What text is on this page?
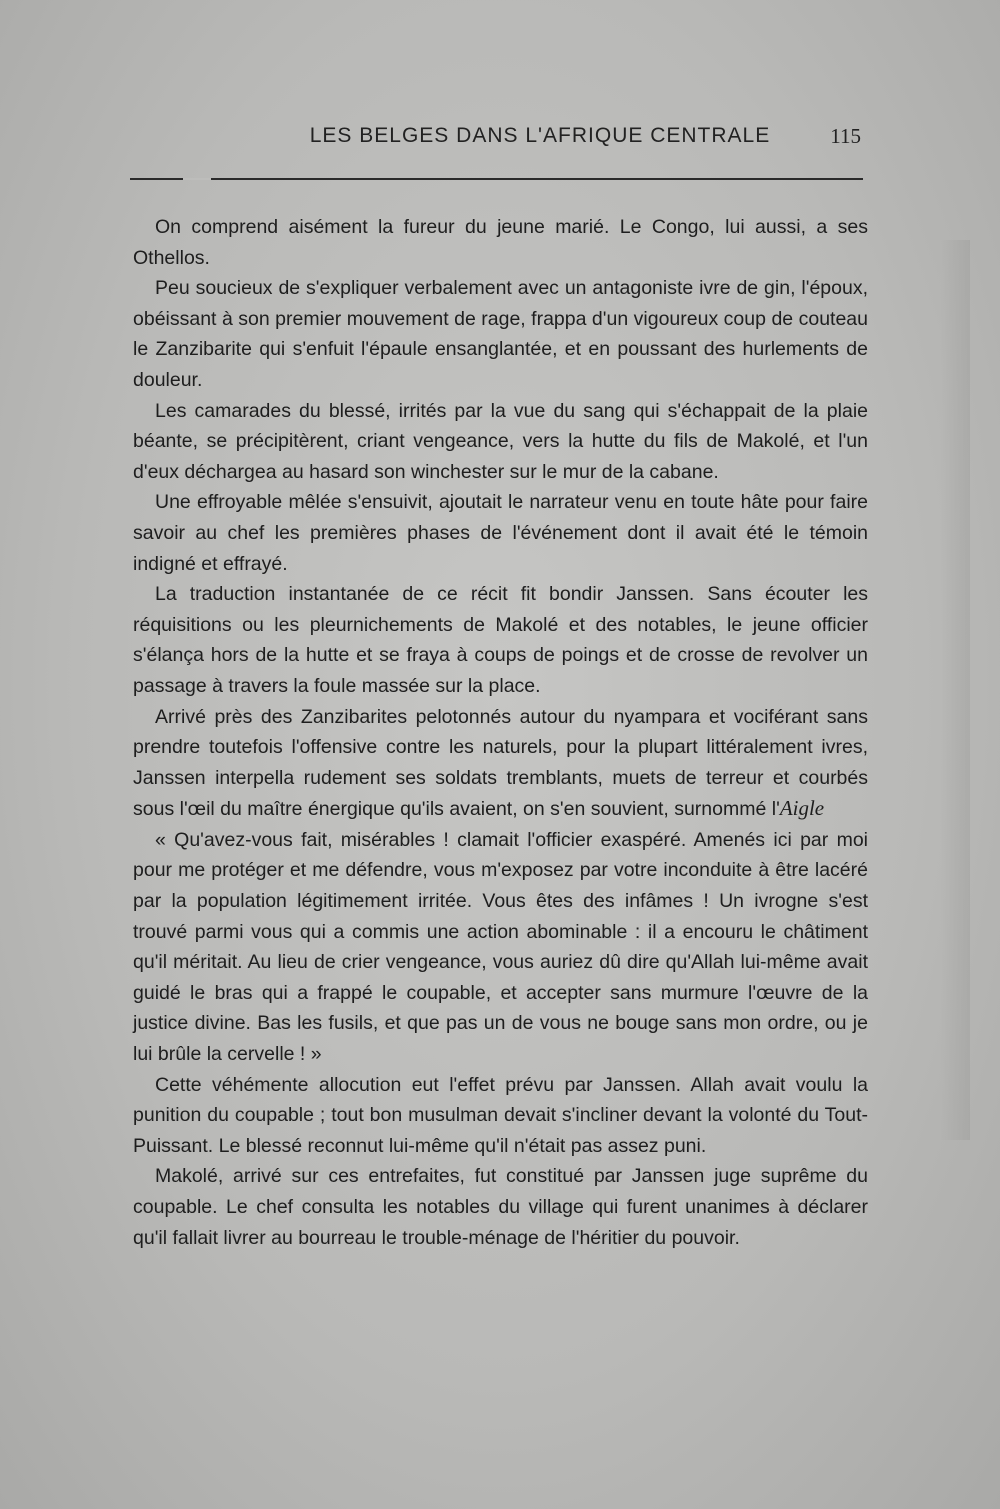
LES BELGES DANS L'AFRIQUE CENTRALE	115

On comprend aisément la fureur du jeune marié. Le Congo, lui aussi, a ses Othellos.

Peu soucieux de s'expliquer verbalement avec un antagoniste ivre de gin, l'époux, obéissant à son premier mouvement de rage, frappa d'un vigoureux coup de couteau le Zanzibarite qui s'enfuit l'épaule ensanglantée, et en poussant des hurlements de douleur.

Les camarades du blessé, irrités par la vue du sang qui s'échappait de la plaie béante, se précipitèrent, criant vengeance, vers la hutte du fils de Makolé, et l'un d'eux déchargea au hasard son winchester sur le mur de la cabane.

Une effroyable mêlée s'ensuivit, ajoutait le narrateur venu en toute hâte pour faire savoir au chef les premières phases de l'événement dont il avait été le témoin indigné et effrayé.

La traduction instantanée de ce récit fit bondir Janssen. Sans écouter les réquisitions ou les pleurnichements de Makolé et des notables, le jeune officier s'élança hors de la hutte et se fraya à coups de poings et de crosse de revolver un passage à travers la foule massée sur la place.

Arrivé près des Zanzibarites pelotonnés autour du nyampara et vociférant sans prendre toutefois l'offensive contre les naturels, pour la plupart littéralement ivres, Janssen interpella rudement ses soldats tremblants, muets de terreur et courbés sous l'œil du maître énergique qu'ils avaient, on s'en souvient, surnommé l'Aigle

« Qu'avez-vous fait, misérables ! clamait l'officier exaspéré. Amenés ici par moi pour me protéger et me défendre, vous m'exposez par votre inconduite à être lacéré par la population légitimement irritée. Vous êtes des infâmes ! Un ivrogne s'est trouvé parmi vous qui a commis une action abominable : il a encouru le châtiment qu'il méritait. Au lieu de crier vengeance, vous auriez dû dire qu'Allah lui-même avait guidé le bras qui a frappé le coupable, et accepter sans murmure l'œuvre de la justice divine. Bas les fusils, et que pas un de vous ne bouge sans mon ordre, ou je lui brûle la cervelle ! »

Cette véhémente allocution eut l'effet prévu par Janssen. Allah avait voulu la punition du coupable ; tout bon musulman devait s'incliner devant la volonté du Tout-Puissant. Le blessé reconnut lui-même qu'il n'était pas assez puni.

Makolé, arrivé sur ces entrefaites, fut constitué par Janssen juge suprême du coupable. Le chef consulta les notables du village qui furent unanimes à déclarer qu'il fallait livrer au bourreau le trouble-ménage de l'héritier du pouvoir.
